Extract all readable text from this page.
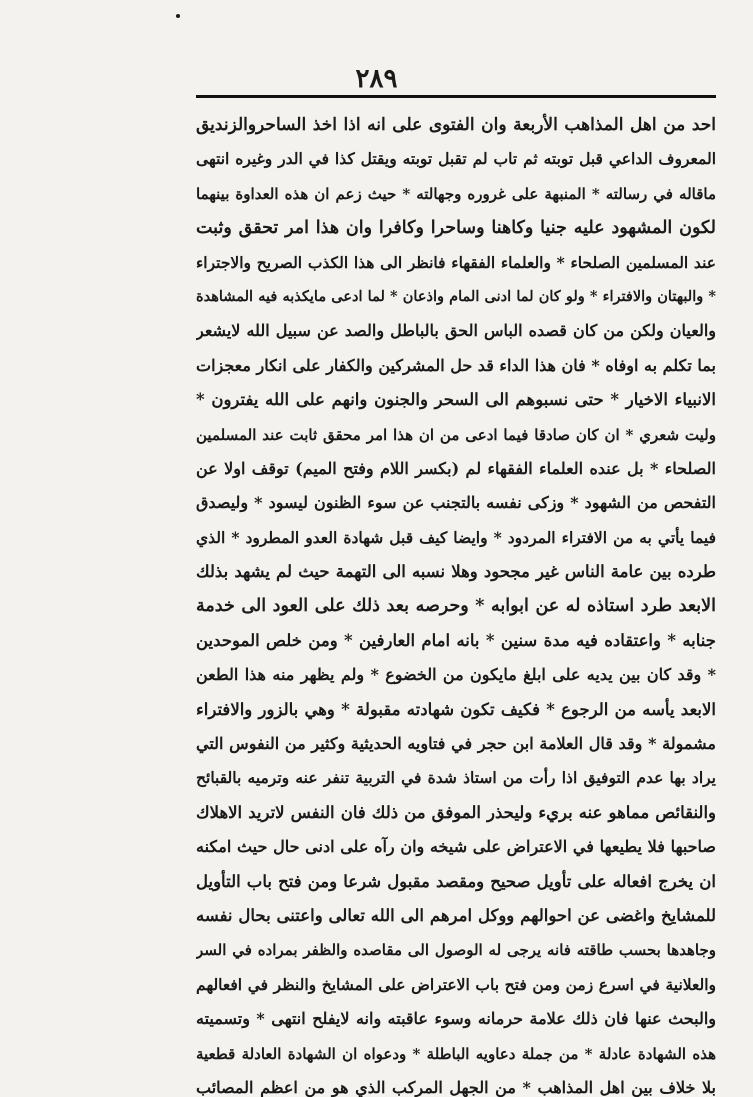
٢٨٩
احد من اهل المذاهب الأربعة وان الفتوى على انه اذا اخذ الساحروالزنديق
المعروف الداعي قبل توبته ثم تاب لم تقبل توبته ويقتل كذا في الدر وغيره انتهى
ماقاله في رسالته * المنبهة على غروره وجهالته * حيث زعم ان هذه العداوة بينهما
لكون المشهود عليه جنيا وكاهنا وساحرا وكافرا وان هذا امر تحقق وثبت
عند المسلمين الصلحاء * والعلماء الفقهاء فانظر الى هذا الكذب الصريح والاجتراء
* والبهتان والافتراء * ولو كان لما ادنى المام واذعان * لما ادعى مايكذبه فيه المشاهدة
والعيان ولكن من كان قصده الباس الحق بالباطل والصد عن سبيل الله لايشعر
بما تكلم به اوفاه * فان هذا الداء قد حل المشركين والكفار على انكار معجزات
الانبياء الاخيار * حتى نسبوهم الى السحر والجنون وانهم على الله يفترون *
وليت شعري * ان كان صادقا فيما ادعى من ان هذا امر محقق ثابت عند المسلمين
الصلحاء * بل عنده العلماء الفقهاء لم (بكسر اللام وفتح الميم) توقف اولا عن
التفحص من الشهود * وزكى نفسه بالتجنب عن سوء الظنون ليسود * وليصدق
فيما يأتي به من الافتراء المردود * وايضا كيف قبل شهادة العدو المطرود * الذي
طرده بين عامة الناس غير مجحود وهلا نسبه الى التهمة حيث لم يشهد بذلك
الابعد طرد استاذه له عن ابوابه * وحرصه بعد ذلك على العود الى خدمة
جنابه * واعتقاده فيه مدة سنين * بانه امام العارفين * ومن خلص الموحدين
* وقد كان بين يديه على ابلغ مايكون من الخضوع * ولم يظهر منه هذا الطعن
الابعد يأسه من الرجوع * فكيف تكون شهادته مقبولة * وهي بالزور والافتراء
مشمولة * وقد قال العلامة ابن حجر في فتاويه الحديثية وكثير من النفوس التي
يراد بها عدم التوفيق اذا رأت من استاذ شدة في التربية تنفر عنه وترميه بالقبائح
والنقائص مماهو عنه بريء وليحذر الموفق من ذلك فان النفس لاتريد الاهلاك
صاحبها فلا يطيعها في الاعتراض على شيخه وان رآه على ادنى حال حيث امكنه
ان يخرج افعاله على تأويل صحيح ومقصد مقبول شرعا ومن فتح باب التأويل
للمشايخ واغضى عن احوالهم ووكل امرهم الى الله تعالى واعتنى بحال نفسه
وجاهدها بحسب طاقته فانه يرجى له الوصول الى مقاصده والظفر بمراده في السر
والعلانية في اسرع زمن ومن فتح باب الاعتراض على المشايخ والنظر في افعالهم
والبحث عنها فان ذلك علامة حرمانه وسوء عاقبته وانه لايفلح انتهى * وتسميته
هذه الشهادة عادلة * من جملة دعاويه الباطلة * ودعواه ان الشهادة العادلة قطعية
بلا خلاف بين اهل المذاهب * من الجهل المركب الذي هو من اعظم المصائب
